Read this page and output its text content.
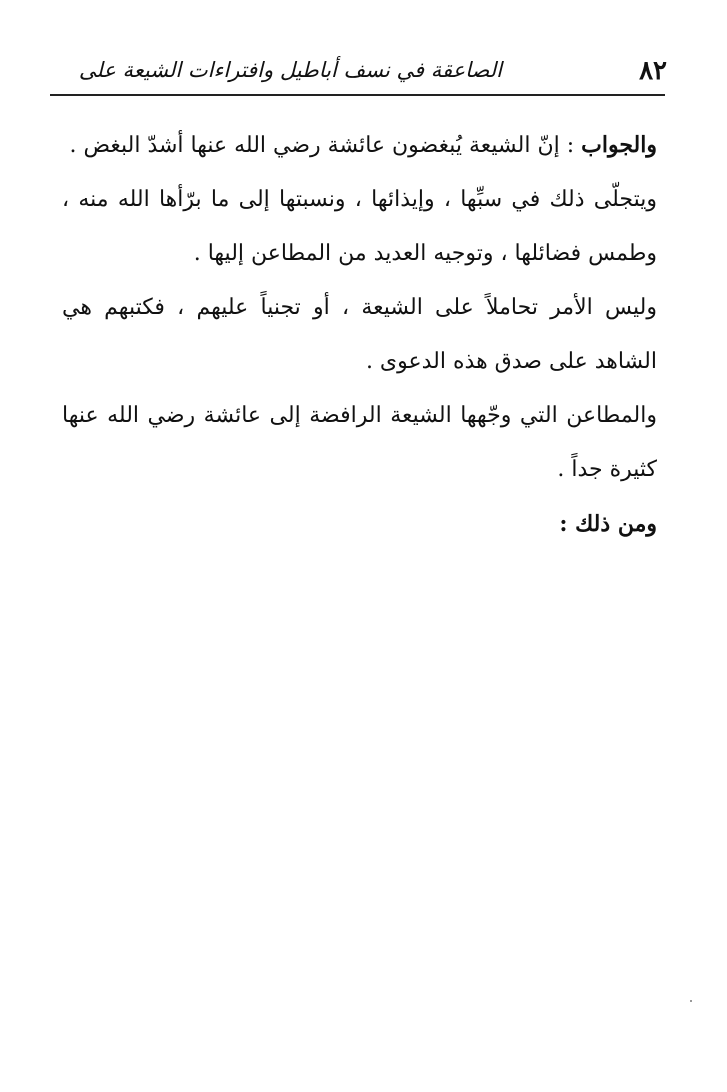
٨٢
الصاعقة في نسف أباطيل وافتراءات الشيعة على

والجواب : إنّ الشيعة يُبغضون عائشة رضي الله عنها أشدّ البغض .

ويتجلّى ذلك في سبِّها ، وإيذائها ، ونسبتها إلى ما برّأها الله منه ، وطمس فضائلها ، وتوجيه العديد من المطاعن إليها .

وليس الأمر تحاملاً على الشيعة ، أو تجنياً عليهم ، فكتبهم هي الشاهد على صدق هذه الدعوى .

والمطاعن التي وجّهها الشيعة الرافضة إلى عائشة رضي الله عنها كثيرة جداً .

ومن ذلك :
